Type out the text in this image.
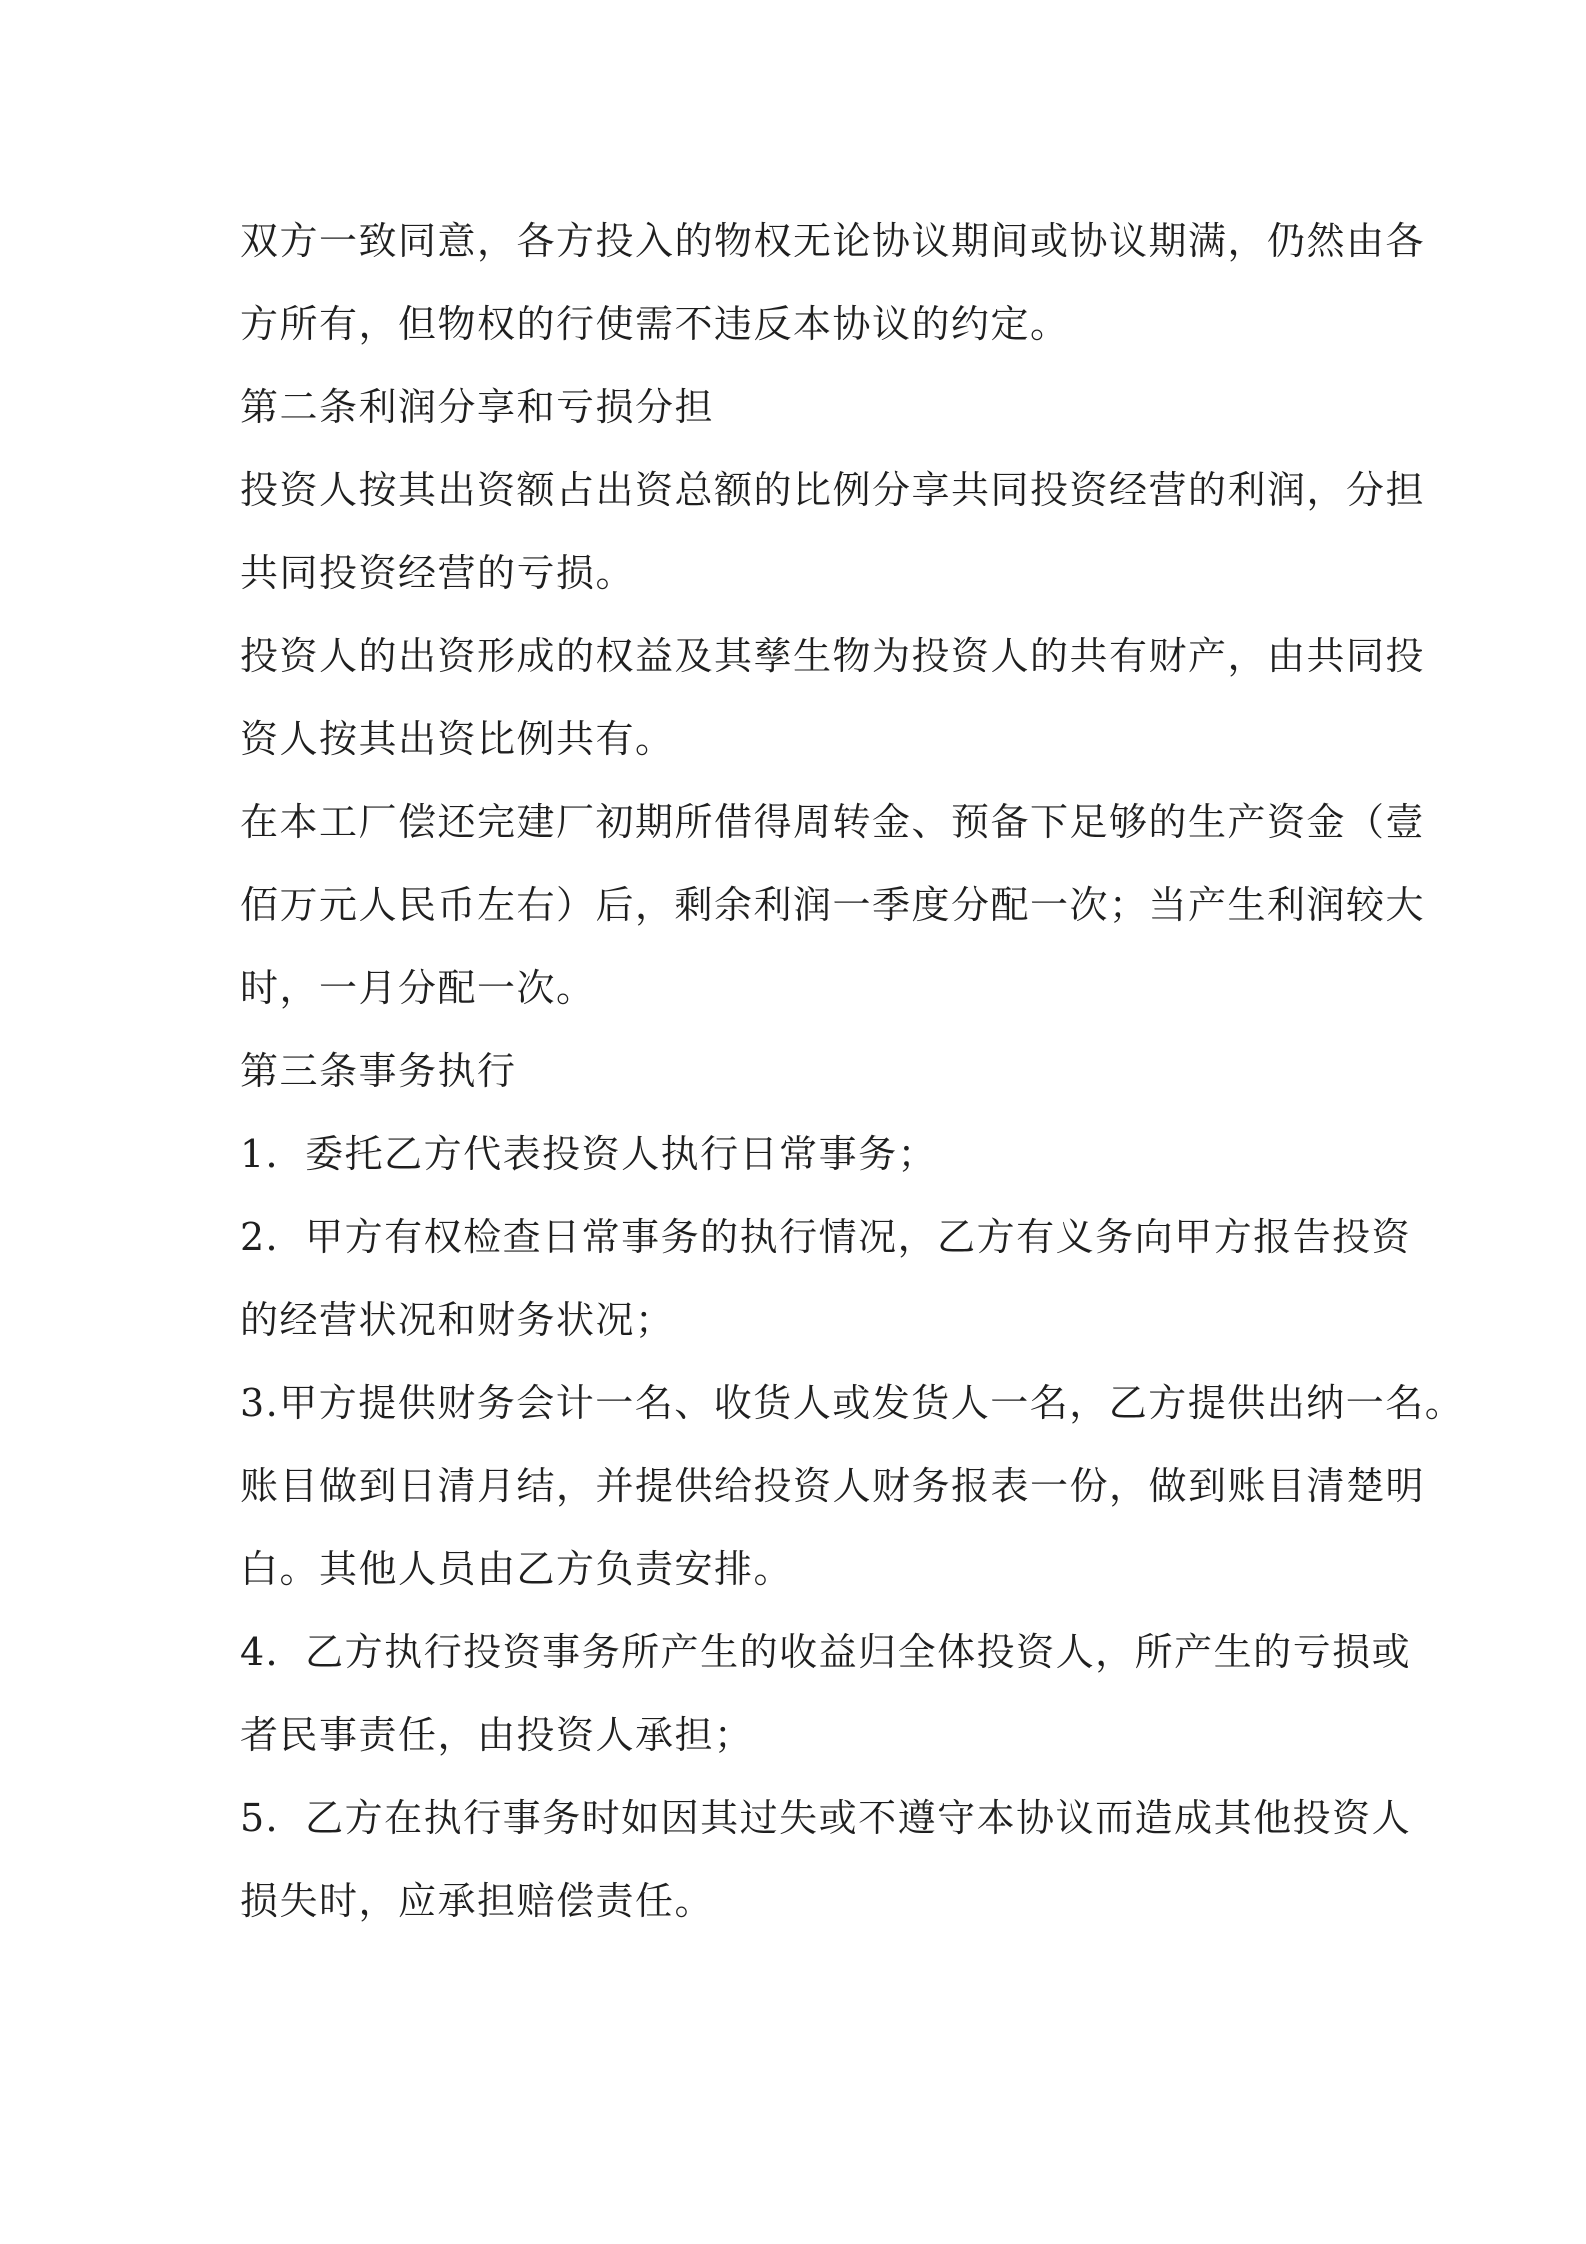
双方一致同意，各方投入的物权无论协议期间或协议期满，仍然由各
方所有，但物权的行使需不违反本协议的约定。

第二条利润分享和亏损分担

投资人按其出资额占出资总额的比例分享共同投资经营的利润，分担
共同投资经营的亏损。

投资人的出资形成的权益及其孳生物为投资人的共有财产，由共同投
资人按其出资比例共有。

在本工厂偿还完建厂初期所借得周转金、预备下足够的生产资金（壹
佰万元人民币左右）后，剩余利润一季度分配一次；当产生利润较大
时，一月分配一次。

第三条事务执行

1．委托乙方代表投资人执行日常事务；

2．甲方有权检查日常事务的执行情况，乙方有义务向甲方报告投资
的经营状况和财务状况；

3.甲方提供财务会计一名、收货人或发货人一名，乙方提供出纳一名。
账目做到日清月结，并提供给投资人财务报表一份，做到账目清楚明
白。其他人员由乙方负责安排。

4．乙方执行投资事务所产生的收益归全体投资人，所产生的亏损或
者民事责任，由投资人承担；

5．乙方在执行事务时如因其过失或不遵守本协议而造成其他投资人
损失时，应承担赔偿责任。
